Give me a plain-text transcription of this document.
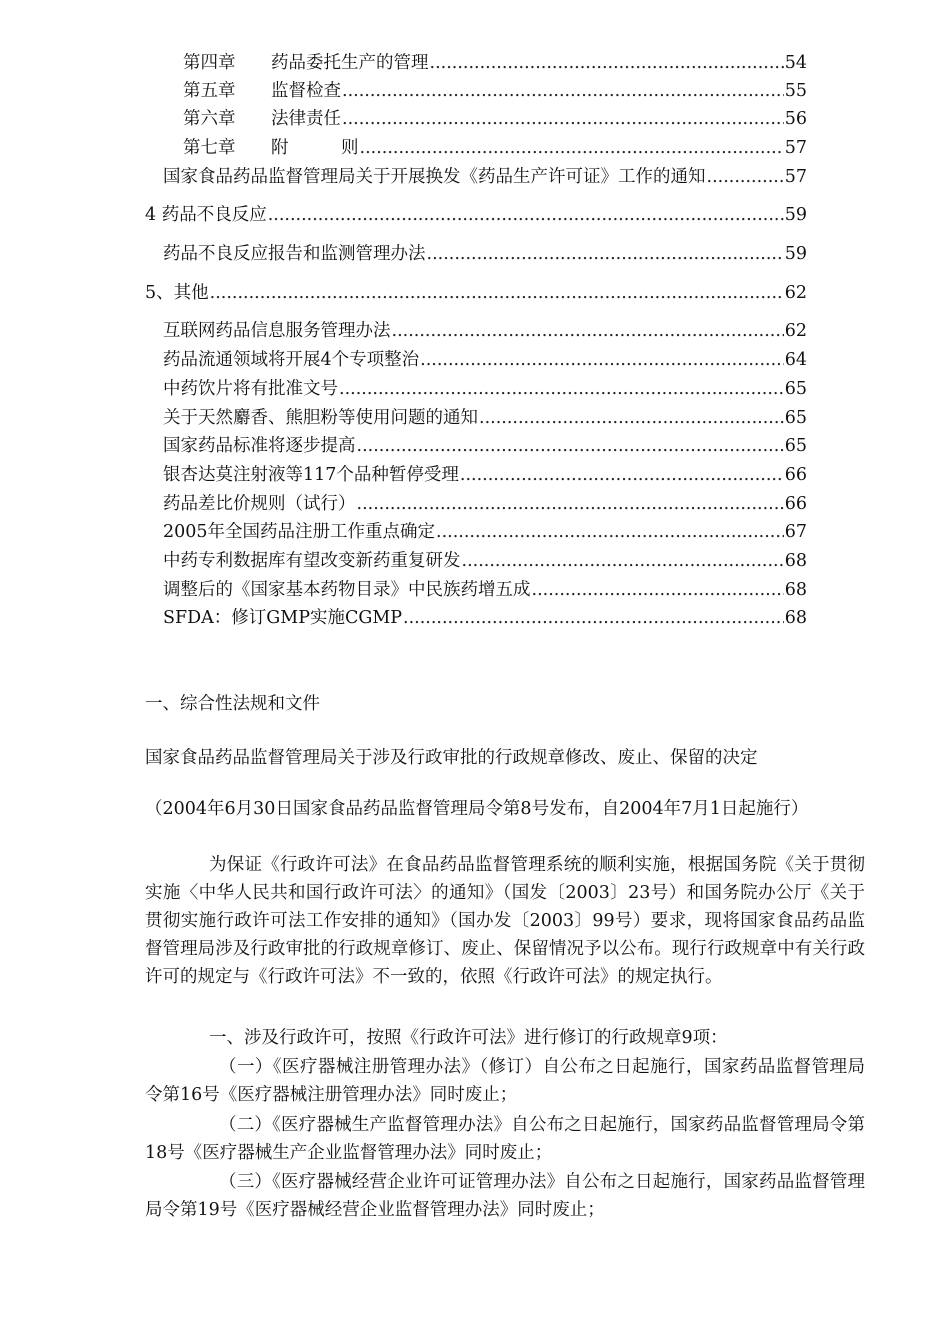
第四章 药品委托生产的管理 .....	54
第五章 监督检查 .....	55
第六章 法律责任 .....	56
第七章 附　　　则 .....	57
国家食品药品监督管理局关于开展换发《药品生产许可证》工作的通知 .....	57
4 药品不良反应 .....	59
药品不良反应报告和监测管理办法 .....	59
5、其他 .....	62
互联网药品信息服务管理办法 .....	62
药品流通领域将开展4个专项整治 .....	64
中药饮片将有批准文号 .....	65
关于天然麝香、熊胆粉等使用问题的通知 .....	65
国家药品标准将逐步提高 .....	65
银杏达莫注射液等117个品种暂停受理 .....	66
药品差比价规则（试行） .....	66
2005年全国药品注册工作重点确定 .....	67
中药专利数据库有望改变新药重复研发 .....	68
调整后的《国家基本药物目录》中民族药增五成 .....	68
SFDA：修订GMP实施CGMP .....	68
一、综合性法规和文件
国家食品药品监督管理局关于涉及行政审批的行政规章修改、废止、保留的决定
（2004年6月30日国家食品药品监督管理局令第8号发布，自2004年7月1日起施行）
为保证《行政许可法》在食品药品监督管理系统的顺利实施，根据国务院《关于贯彻实施〈中华人民共和国行政许可法〉的通知》（国发〔2003〕23号）和国务院办公厅《关于贯彻实施行政许可法工作安排的通知》（国办发〔2003〕99号）要求，现将国家食品药品监督管理局涉及行政审批的行政规章修订、废止、保留情况予以公布。现行行政规章中有关行政许可的规定与《行政许可法》不一致的，依照《行政许可法》的规定执行。
一、涉及行政许可，按照《行政许可法》进行修订的行政规章9项：
（一）《医疗器械注册管理办法》（修订）自公布之日起施行，国家药品监督管理局令第16号《医疗器械注册管理办法》同时废止；
（二）《医疗器械生产监督管理办法》自公布之日起施行，国家药品监督管理局令第18号《医疗器械生产企业监督管理办法》同时废止；
（三）《医疗器械经营企业许可证管理办法》自公布之日起施行，国家药品监督管理局令第19号《医疗器械经营企业监督管理办法》同时废止；
